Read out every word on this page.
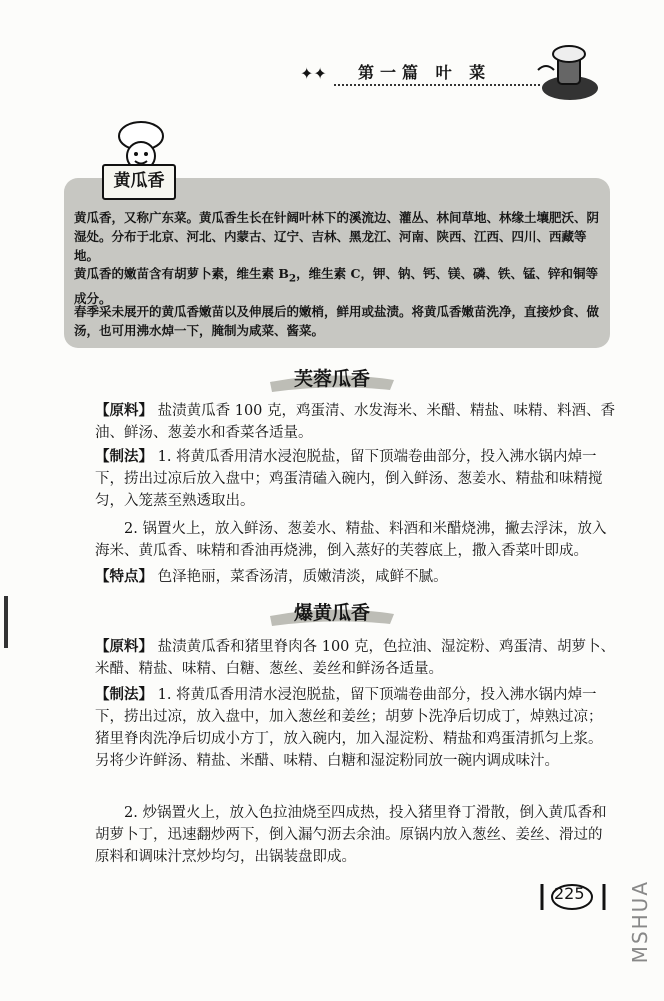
✦✦ 第一篇 叶 菜

黄瓜香，又称广东菜。黄瓜香生长在针阔叶林下的溪流边、灌丛、林间草地、林缘土壤肥沃、阴湿处。分布于北京、河北、内蒙古、辽宁、吉林、黑龙江、河南、陕西、江西、四川、西藏等地。

黄瓜香的嫩苗含有胡萝卜素，维生素 $B_2$，维生素 C，钾、钠、钙、镁、磷、铁、锰、锌和铜等成分。

春季采未展开的黄瓜香嫩苗以及伸展后的嫩梢，鲜用或盐渍。将黄瓜香嫩苗洗净，直接炒食、做汤，也可用沸水焯一下，腌制为咸菜、酱菜。

黄瓜香
芙蓉瓜香

【原料】 盐渍黄瓜香 100 克，鸡蛋清、水发海米、米醋、精盐、味精、料酒、香油、鲜汤、葱姜水和香菜各适量。

【制法】 1. 将黄瓜香用清水浸泡脱盐，留下顶端卷曲部分，投入沸水锅内焯一下，捞出过凉后放入盘中；鸡蛋清磕入碗内，倒入鲜汤、葱姜水、精盐和味精搅匀，入笼蒸至熟透取出。

2. 锅置火上，放入鲜汤、葱姜水、精盐、料酒和米醋烧沸，撇去浮沫，放入海米、黄瓜香、味精和香油再烧沸，倒入蒸好的芙蓉底上，撒入香菜叶即成。

【特点】 色泽艳丽，菜香汤清，质嫩清淡，咸鲜不腻。

爆黄瓜香

【原料】 盐渍黄瓜香和猪里脊肉各 100 克，色拉油、湿淀粉、鸡蛋清、胡萝卜、米醋、精盐、味精、白糖、葱丝、姜丝和鲜汤各适量。

【制法】 1. 将黄瓜香用清水浸泡脱盐，留下顶端卷曲部分，投入沸水锅内焯一下，捞出过凉，放入盘中，加入葱丝和姜丝；胡萝卜洗净后切成丁，焯熟过凉；猪里脊肉洗净后切成小方丁，放入碗内，加入湿淀粉、精盐和鸡蛋清抓匀上浆。另将少许鲜汤、精盐、米醋、味精、白糖和湿淀粉同放一碗内调成味汁。

2. 炒锅置火上，放入色拉油烧至四成热，投入猪里脊丁滑散，倒入黄瓜香和胡萝卜丁，迅速翻炒两下，倒入漏勺沥去余油。原锅内放入葱丝、姜丝、滑过的原料和调味汁烹炒均匀，出锅装盘即成。

225 MSHUA
